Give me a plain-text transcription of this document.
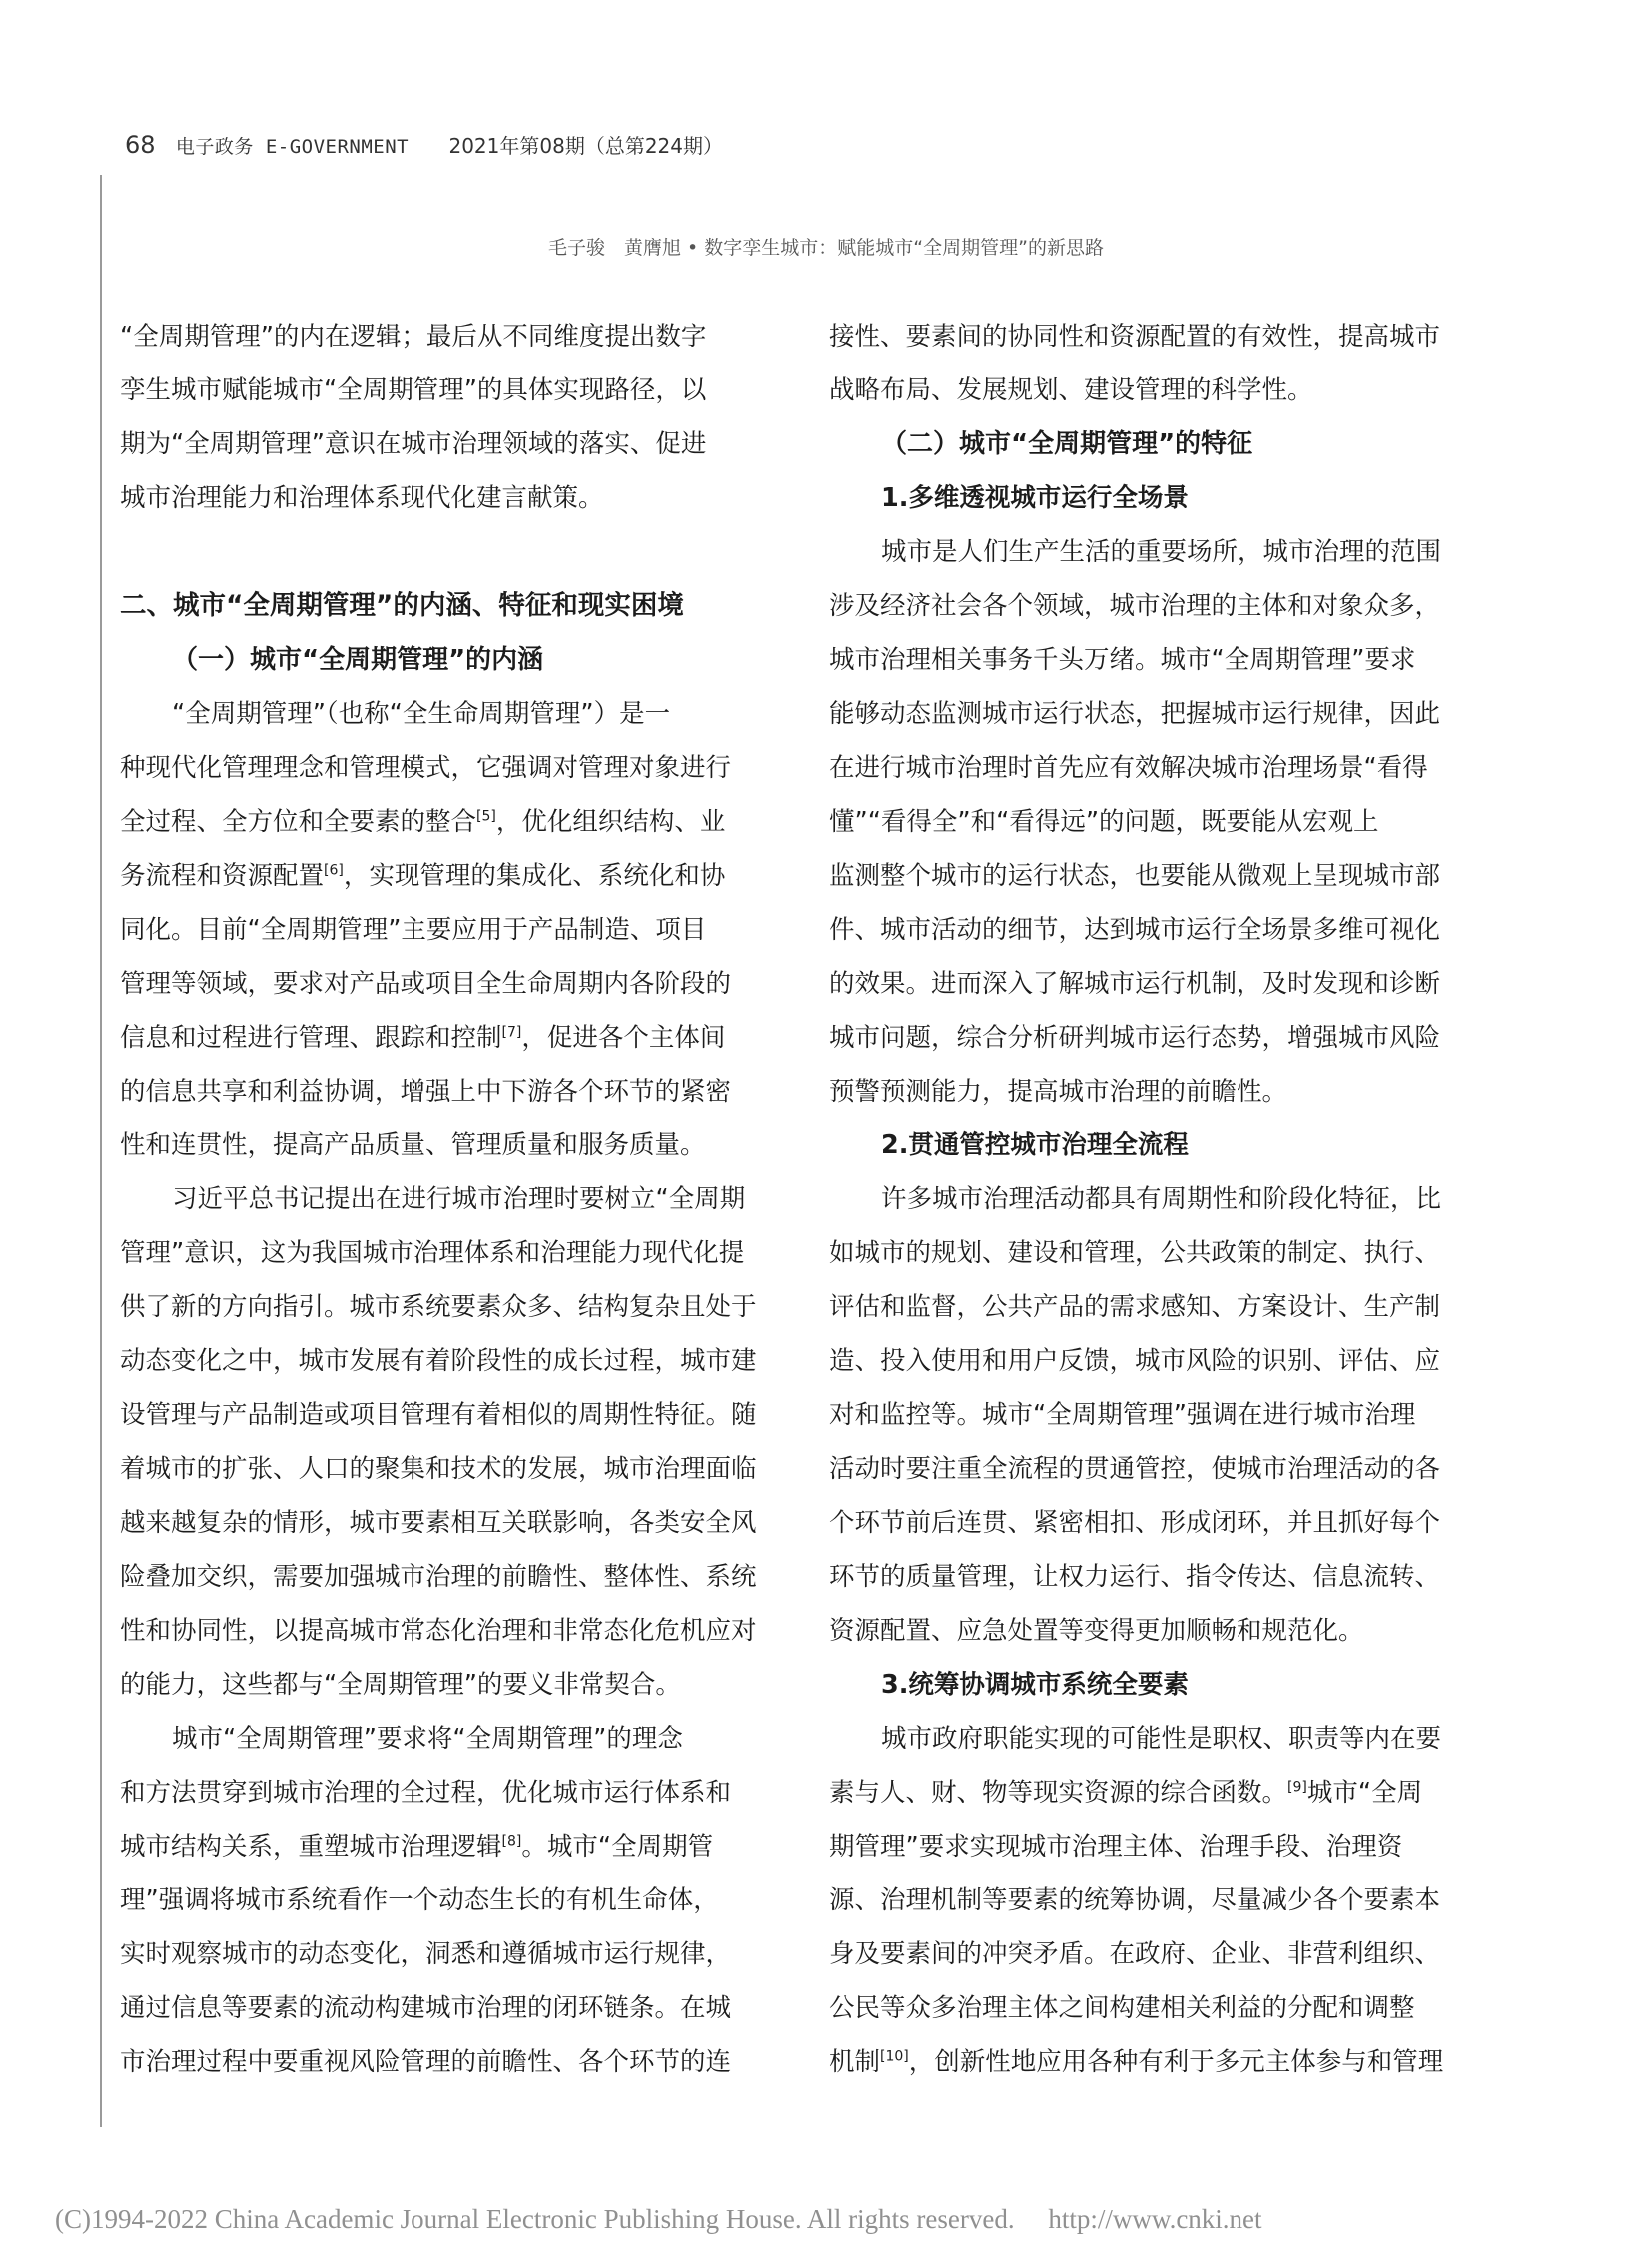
68 电子政务 E-GOVERNMENT 2021年第08期（总第224期）
毛子骏　黄膺旭 • 数字孪生城市：赋能城市“全周期管理”的新思路
“全周期管理”的内在逻辑；最后从不同维度提出数字
孪生城市赋能城市“全周期管理”的具体实现路径，以
期为“全周期管理”意识在城市治理领域的落实、促进
城市治理能力和治理体系现代化建言献策。
二、城市“全周期管理”的内涵、特征和现实困境
（一）城市“全周期管理”的内涵
“全周期管理”（也称“全生命周期管理”）是一
种现代化管理理念和管理模式，它强调对管理对象进行
全过程、全方位和全要素的整合[5]，优化组织结构、业
务流程和资源配置[6]，实现管理的集成化、系统化和协
同化。目前“全周期管理”主要应用于产品制造、项目
管理等领域，要求对产品或项目全生命周期内各阶段的
信息和过程进行管理、跟踪和控制[7]，促进各个主体间
的信息共享和利益协调，增强上中下游各个环节的紧密
性和连贯性，提高产品质量、管理质量和服务质量。
习近平总书记提出在进行城市治理时要树立“全周期
管理”意识，这为我国城市治理体系和治理能力现代化提
供了新的方向指引。城市系统要素众多、结构复杂且处于
动态变化之中，城市发展有着阶段性的成长过程，城市建
设管理与产品制造或项目管理有着相似的周期性特征。随
着城市的扩张、人口的聚集和技术的发展，城市治理面临
越来越复杂的情形，城市要素相互关联影响，各类安全风
险叠加交织，需要加强城市治理的前瞻性、整体性、系统
性和协同性，以提高城市常态化治理和非常态化危机应对
的能力，这些都与“全周期管理”的要义非常契合。
城市“全周期管理”要求将“全周期管理”的理念
和方法贯穿到城市治理的全过程，优化城市运行体系和
城市结构关系，重塑城市治理逻辑[8]。城市“全周期管
理”强调将城市系统看作一个动态生长的有机生命体，
实时观察城市的动态变化，洞悉和遵循城市运行规律，
通过信息等要素的流动构建城市治理的闭环链条。在城
市治理过程中要重视风险管理的前瞻性、各个环节的连
接性、要素间的协同性和资源配置的有效性，提高城市
战略布局、发展规划、建设管理的科学性。
（二）城市“全周期管理”的特征
1.多维透视城市运行全场景
城市是人们生产生活的重要场所，城市治理的范围
涉及经济社会各个领域，城市治理的主体和对象众多，
城市治理相关事务千头万绪。城市“全周期管理”要求
能够动态监测城市运行状态，把握城市运行规律，因此
在进行城市治理时首先应有效解决城市治理场景“看得
懂”“看得全”和“看得远”的问题，既要能从宏观上
监测整个城市的运行状态，也要能从微观上呈现城市部
件、城市活动的细节，达到城市运行全场景多维可视化
的效果。进而深入了解城市运行机制，及时发现和诊断
城市问题，综合分析研判城市运行态势，增强城市风险
预警预测能力，提高城市治理的前瞻性。
2.贯通管控城市治理全流程
许多城市治理活动都具有周期性和阶段化特征，比
如城市的规划、建设和管理，公共政策的制定、执行、
评估和监督，公共产品的需求感知、方案设计、生产制
造、投入使用和用户反馈，城市风险的识别、评估、应
对和监控等。城市“全周期管理”强调在进行城市治理
活动时要注重全流程的贯通管控，使城市治理活动的各
个环节前后连贯、紧密相扣、形成闭环，并且抓好每个
环节的质量管理，让权力运行、指令传达、信息流转、
资源配置、应急处置等变得更加顺畅和规范化。
3.统筹协调城市系统全要素
城市政府职能实现的可能性是职权、职责等内在要
素与人、财、物等现实资源的综合函数。[9]城市“全周
期管理”要求实现城市治理主体、治理手段、治理资
源、治理机制等要素的统筹协调，尽量减少各个要素本
身及要素间的冲突矛盾。在政府、企业、非营利组织、
公民等众多治理主体之间构建相关利益的分配和调整
机制[10]，创新性地应用各种有利于多元主体参与和管理
(C)1994-2022 China Academic Journal Electronic Publishing House. All rights reserved.　 http://www.cnki.net
